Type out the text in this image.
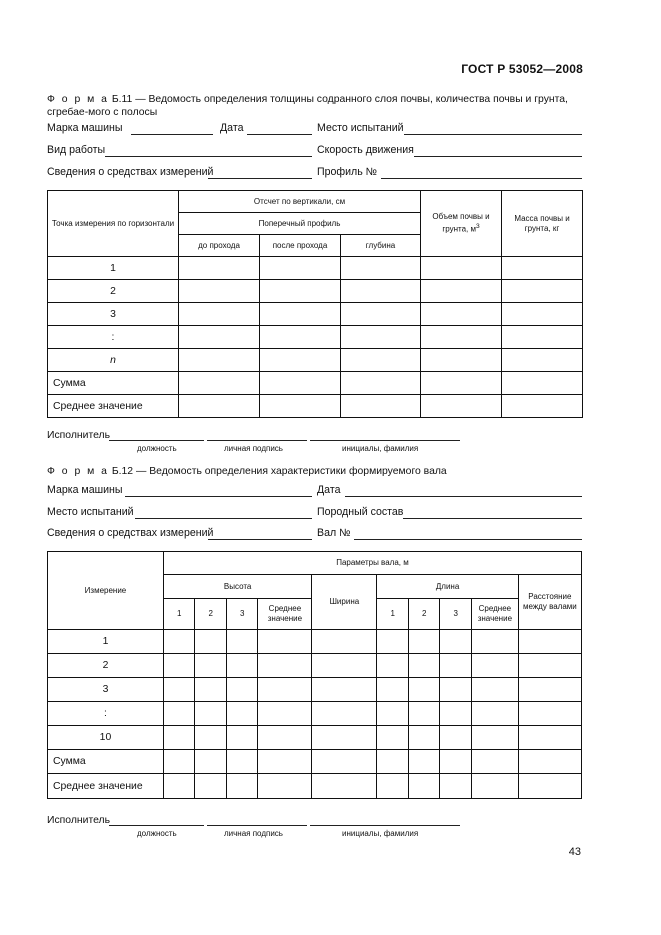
ГОСТ Р 53052—2008
Ф о р м а Б.11 — Ведомость определения толщины содранного слоя почвы, количества почвы и грунта, сгребае-мого с полосы
Марка машины	Дата	Место испытаний
Вид работы	Скорость движения
Сведения о средствах измерений	Профиль №
Точка измерения по горизонтали	Отсчет по вертикали, см			Объем почвы и грунта, $м^3$	Масса почвы и грунта, кг
	Поперечный профиль				
	до прохода	после прохода	глубина		
1					
2					
3					
:					
n					
Сумма					
Среднее значение					
Исполнитель
должность	личная подпись	инициалы, фамилия
Ф о р м а Б.12 — Ведомость определения характеристики формируемого вала
Марка машины	Дата
Место испытаний	Породный состав
Сведения о средствах измерений	Вал №
Измерение	Параметры вала, м									
	Высота				Ширина	Длина				Расстояние между валами
	1	2	3	Среднее значение		1	2	3	Среднее значение	
1										
2										
3										
:										
10										
Сумма										
Среднее значение										
Исполнитель
должность	личная подпись	инициалы, фамилия
43
